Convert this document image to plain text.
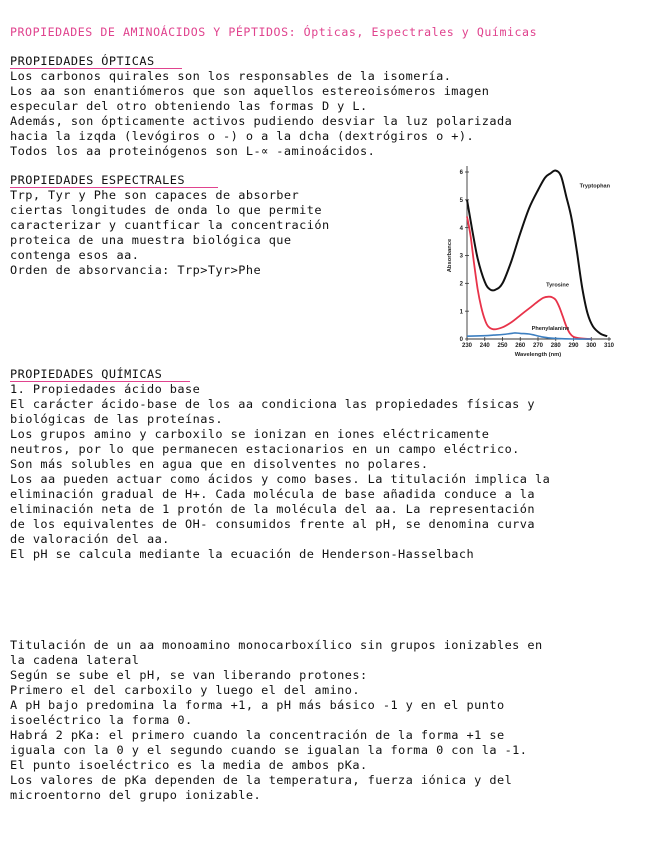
PROPIEDADES DE AMINOÁCIDOS Y PÉPTIDOS: Ópticas, Espectrales y Químicas
PROPIEDADES ÓPTICAS
Los carbonos quirales son los responsables de la isomería.
Los aa son enantiómeros que son aquellos estereoisómeros imagen
especular del otro obteniendo las formas D y L.
Además, son ópticamente activos pudiendo desviar la luz polarizada
hacia la izqda (levógiros o -) o a la dcha (dextrógiros o +).
Todos los aa proteinógenos son L-∝ -aminoácidos.
PROPIEDADES ESPECTRALES
Trp, Tyr y Phe son capaces de absorber
ciertas longitudes de onda lo que permite
caracterizar y cuantficar la concentración
proteica de una muestra biológica que
contenga esos aa.
Orden de absorvancia: Trp>Tyr>Phe
0
1
2
3
4
5
6
230 240 250 260 270 280 290 300 310
Wavelength (nm)
Absorbance
Tryptophan
Tyrosine
Phenylalanine
PROPIEDADES QUÍMICAS
1. Propiedades ácido base
El carácter ácido-base de los aa condiciona las propiedades físicas y
biológicas de las proteínas.
Los grupos amino y carboxilo se ionizan en iones eléctricamente
neutros, por lo que permanecen estacionarios en un campo eléctrico.
Son más solubles en agua que en disolventes no polares.
Los aa pueden actuar como ácidos y como bases. La titulación implica la
eliminación gradual de H+. Cada molécula de base añadida conduce a la
eliminación neta de 1 protón de la molécula del aa. La representación
de los equivalentes de OH- consumidos frente al pH, se denomina curva
de valoración del aa.
El pH se calcula mediante la ecuación de Henderson-Hasselbach
Titulación de un aa monoamino monocarboxílico sin grupos ionizables en
la cadena lateral
Según se sube el pH, se van liberando protones:
Primero el del carboxilo y luego el del amino.
A pH bajo predomina la forma +1, a pH más básico -1 y en el punto
isoeléctrico la forma 0.
Habrá 2 pKa: el primero cuando la concentración de la forma +1 se
iguala con la 0 y el segundo cuando se igualan la forma 0 con la -1.
El punto isoeléctrico es la media de ambos pKa.
Los valores de pKa dependen de la temperatura, fuerza iónica y del
microentorno del grupo ionizable.
